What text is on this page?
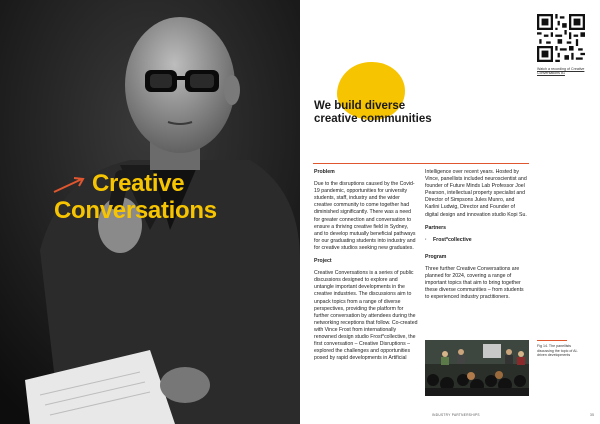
Creative
Conversations
Watch a recording of Creative Conversations #1
We build diverse
creative communities
Problem
Due to the disruptions caused by the Covid-19 pandemic, opportunities for university students, staff, industry and the wider creative community to come together had diminished significantly. There was a need for greater connection and conversation to ensure a thriving creative field in Sydney, and to develop mutually beneficial pathways for our graduating students into industry and for creative studios seeking new graduates.
Project
Creative Conversations is a series of public discussions designed to explore and untangle important developments in the creative industries. The discussions aim to unpack topics from a range of diverse perspectives, providing the platform for further conversation by attendees during the networking receptions that follow. Co-created with Vince Frost from internationally renowned design studio Frost*collective, the first conversation – Creative Disruptions – explored the challenges and opportunities posed by rapid developments in Artificial
Intelligence over recent years. Hosted by Vince, panellists included neuroscientist and founder of Future Minds Lab Professor Joel Pearson, intellectual property specialist and Director of Simpsons Jules Munro, and Karlini Ludwig, Director and Founder of digital design and innovation studio Kopi Su.
Partners
· Frost*collective
Program
Three further Creative Conversations are planned for 2024, covering a range of important topics that aim to bring together these diverse communities – from students to experienced industry practitioners.
Fig 14. The panellists discussing the topic of AI-driven developments
INDUSTRY PARTNERSHIPS	35
